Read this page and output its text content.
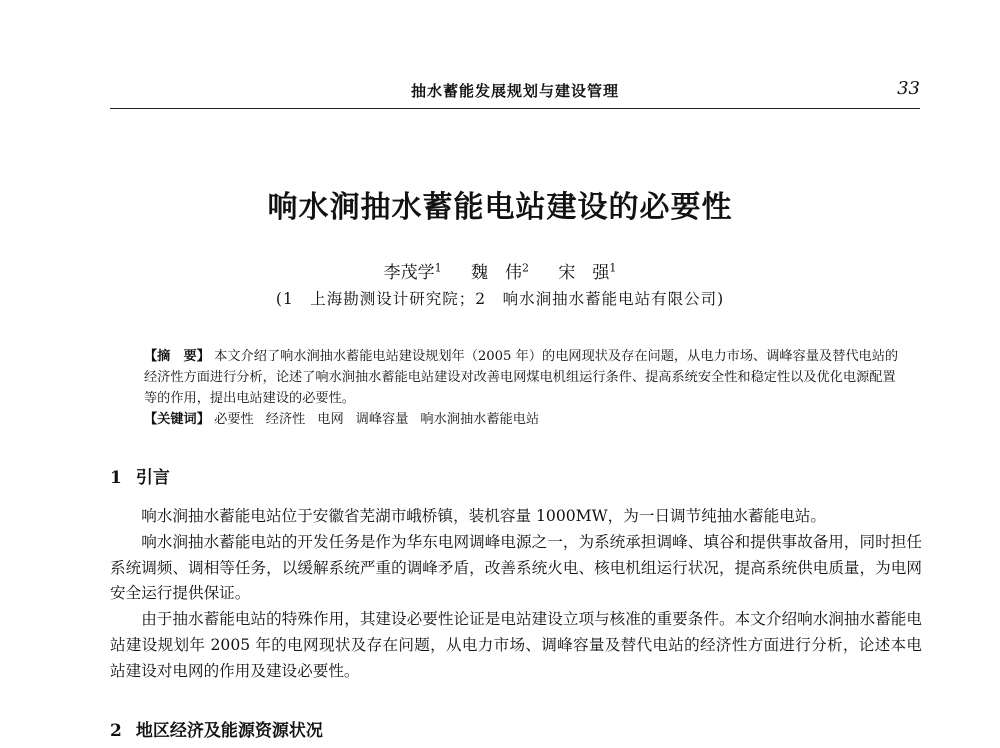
抽水蓄能发展规划与建设管理	33
响水涧抽水蓄能电站建设的必要性
李茂学$^1$ 魏　伟$^2$ 宋　强$^1$
(1　上海勘测设计研究院；2　响水涧抽水蓄能电站有限公司)

【摘　要】 本文介绍了响水涧抽水蓄能电站建设规划年（2005 年）的电网现状及存在问题，从电力市场、调峰容量及替代电站的经济性方面进行分析，论述了响水涧抽水蓄能电站建设对改善电网煤电机组运行条件、提高系统安全性和稳定性以及优化电源配置等的作用，提出电站建设的必要性。

【关键词】 必要性 经济性 电网 调峰容量 响水涧抽水蓄能电站

1 引言

响水涧抽水蓄能电站位于安徽省芜湖市峨桥镇，装机容量 1000MW，为一日调节纯抽水蓄能电站。

响水涧抽水蓄能电站的开发任务是作为华东电网调峰电源之一，为系统承担调峰、填谷和提供事故备用，同时担任系统调频、调相等任务，以缓解系统严重的调峰矛盾，改善系统火电、核电机组运行状况，提高系统供电质量，为电网安全运行提供保证。

由于抽水蓄能电站的特殊作用，其建设必要性论证是电站建设立项与核准的重要条件。本文介绍响水涧抽水蓄能电站建设规划年 2005 年的电网现状及存在问题，从电力市场、调峰容量及替代电站的经济性方面进行分析，论述本电站建设对电网的作用及建设必要性。

2 地区经济及能源资源状况
